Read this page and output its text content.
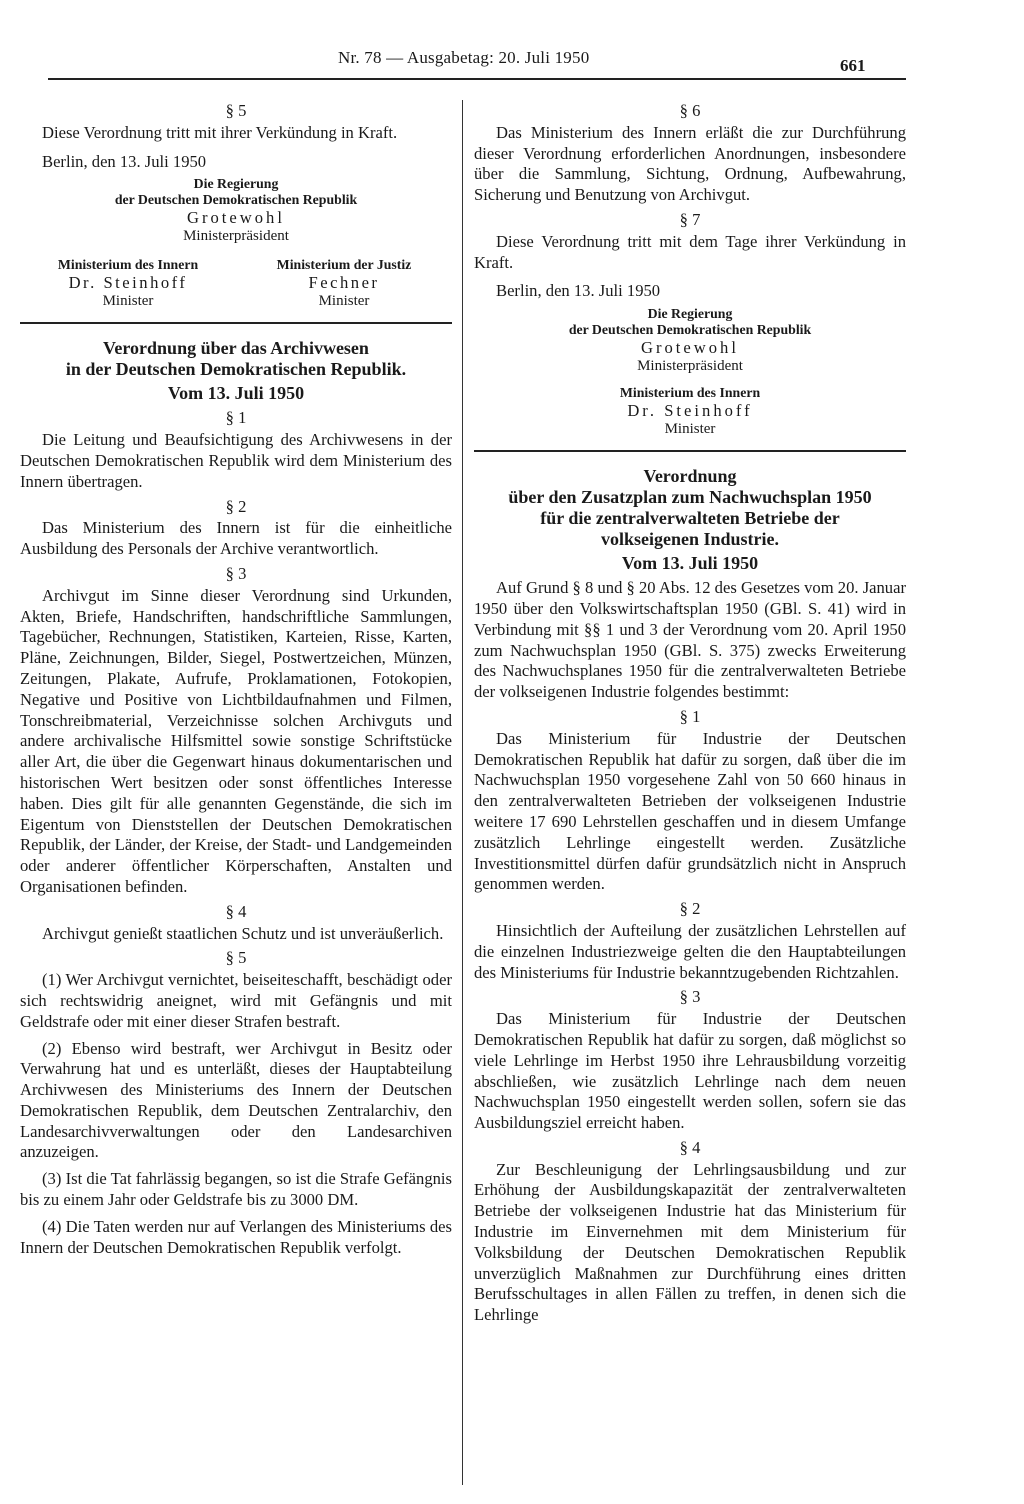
Nr. 78 — Ausgabetag: 20. Juli 1950	661
§ 5

Diese Verordnung tritt mit ihrer Verkündung in Kraft.

Berlin, den 13. Juli 1950
Die Regierung
der Deutschen Demokratischen Republik
Grotewohl
Ministerpräsident
Ministerium des Innern
Dr. Steinhoff
Minister
Ministerium der Justiz
Fechner
Minister

Verordnung über das Archivwesen

in der Deutschen Demokratischen Republik.

Vom 13. Juli 1950

§ 1

Die Leitung und Beaufsichtigung des Archivwesens in der Deutschen Demokratischen Republik wird dem Ministerium des Innern übertragen.

§ 2

Das Ministerium des Innern ist für die einheitliche Ausbildung des Personals der Archive verantwortlich.

§ 3

Archivgut im Sinne dieser Verordnung sind Urkunden, Akten, Briefe, Handschriften, handschriftliche Sammlungen, Tagebücher, Rechnungen, Statistiken, Karteien, Risse, Karten, Pläne, Zeichnungen, Bilder, Siegel, Postwertzeichen, Münzen, Zeitungen, Plakate, Aufrufe, Proklamationen, Fotokopien, Negative und Positive von Lichtbildaufnahmen und Filmen, Tonschreibmaterial, Verzeichnisse solchen Archivguts und andere archivalische Hilfsmittel sowie sonstige Schriftstücke aller Art, die über die Gegenwart hinaus dokumentarischen und historischen Wert besitzen oder sonst öffentliches Interesse haben. Dies gilt für alle genannten Gegenstände, die sich im Eigentum von Dienststellen der Deutschen Demokratischen Republik, der Länder, der Kreise, der Stadt- und Landgemeinden oder anderer öffentlicher Körperschaften, Anstalten und Organisationen befinden.

§ 4

Archivgut genießt staatlichen Schutz und ist unveräußerlich.

§ 5

(1) Wer Archivgut vernichtet, beiseiteschafft, beschädigt oder sich rechtswidrig aneignet, wird mit Gefängnis und mit Geldstrafe oder mit einer dieser Strafen bestraft.

(2) Ebenso wird bestraft, wer Archivgut in Besitz oder Verwahrung hat und es unterläßt, dieses der Hauptabteilung Archivwesen des Ministeriums des Innern der Deutschen Demokratischen Republik, dem Deutschen Zentralarchiv, den Landesarchivverwaltungen oder den Landesarchiven anzuzeigen.

(3) Ist die Tat fahrlässig begangen, so ist die Strafe Gefängnis bis zu einem Jahr oder Geldstrafe bis zu 3000 DM.

(4) Die Taten werden nur auf Verlangen des Ministeriums des Innern der Deutschen Demokratischen Republik verfolgt.

§ 6

Das Ministerium des Innern erläßt die zur Durchführung dieser Verordnung erforderlichen Anordnungen, insbesondere über die Sammlung, Sichtung, Ordnung, Aufbewahrung, Sicherung und Benutzung von Archivgut.

§ 7

Diese Verordnung tritt mit dem Tage ihrer Verkündung in Kraft.

Berlin, den 13. Juli 1950
Die Regierung
der Deutschen Demokratischen Republik
Grotewohl
Ministerpräsident
Ministerium des Innern
Dr. Steinhoff
Minister

Verordnung

über den Zusatzplan zum Nachwuchsplan 1950

für die zentralverwalteten Betriebe der

volkseigenen Industrie.

Vom 13. Juli 1950

Auf Grund § 8 und § 20 Abs. 12 des Gesetzes vom 20. Januar 1950 über den Volkswirtschaftsplan 1950 (GBl. S. 41) wird in Verbindung mit §§ 1 und 3 der Verordnung vom 20. April 1950 zum Nachwuchsplan 1950 (GBl. S. 375) zwecks Erweiterung des Nachwuchsplanes 1950 für die zentralverwalteten Betriebe der volkseigenen Industrie folgendes bestimmt:

§ 1

Das Ministerium für Industrie der Deutschen Demokratischen Republik hat dafür zu sorgen, daß über die im Nachwuchsplan 1950 vorgesehene Zahl von 50 660 hinaus in den zentralverwalteten Betrieben der volkseigenen Industrie weitere 17 690 Lehrstellen geschaffen und in diesem Umfange zusätzlich Lehrlinge eingestellt werden. Zusätzliche Investitionsmittel dürfen dafür grundsätzlich nicht in Anspruch genommen werden.

§ 2

Hinsichtlich der Aufteilung der zusätzlichen Lehrstellen auf die einzelnen Industriezweige gelten die den Hauptabteilungen des Ministeriums für Industrie bekanntzugebenden Richtzahlen.

§ 3

Das Ministerium für Industrie der Deutschen Demokratischen Republik hat dafür zu sorgen, daß möglichst so viele Lehrlinge im Herbst 1950 ihre Lehrausbildung vorzeitig abschließen, wie zusätzlich Lehrlinge nach dem neuen Nachwuchsplan 1950 eingestellt werden sollen, sofern sie das Ausbildungsziel erreicht haben.

§ 4

Zur Beschleunigung der Lehrlingsausbildung und zur Erhöhung der Ausbildungskapazität der zentralverwalteten Betriebe der volkseigenen Industrie hat das Ministerium für Industrie im Einvernehmen mit dem Ministerium für Volksbildung der Deutschen Demokratischen Republik unverzüglich Maßnahmen zur Durchführung eines dritten Berufsschultages in allen Fällen zu treffen, in denen sich die Lehrlinge
